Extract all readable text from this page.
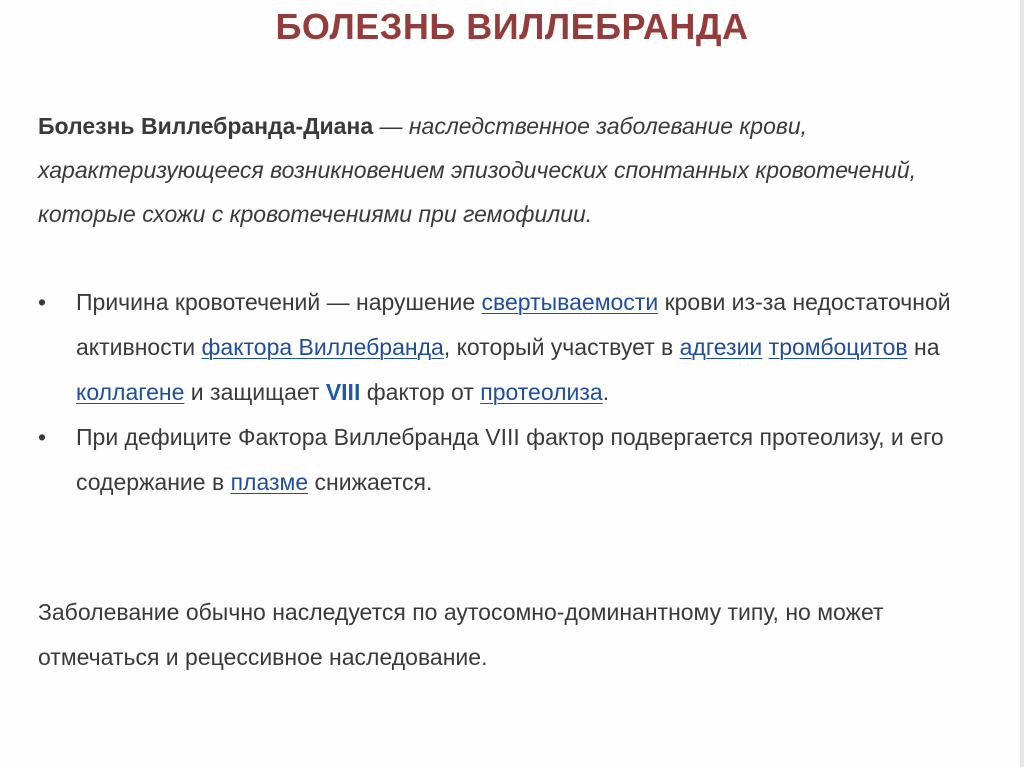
БОЛЕЗНЬ ВИЛЛЕБРАНДА

Болезнь Виллебранда-Диана — наследственное заболевание крови, характеризующееся возникновением эпизодических спонтанных кровотечений, которые схожи с кровотечениями при гемофилии.

• Причина кровотечений — нарушение свертываемости крови из-за недостаточной активности фактора Виллебранда, который участвует в адгезии тромбоцитов на коллагене и защищает VIII фактор от протеолиза.
• При дефиците Фактора Виллебранда VIII фактор подвергается протеолизу, и его содержание в плазме снижается.

Заболевание обычно наследуется по аутосомно-доминантному типу, но может отмечаться и рецессивное наследование.
